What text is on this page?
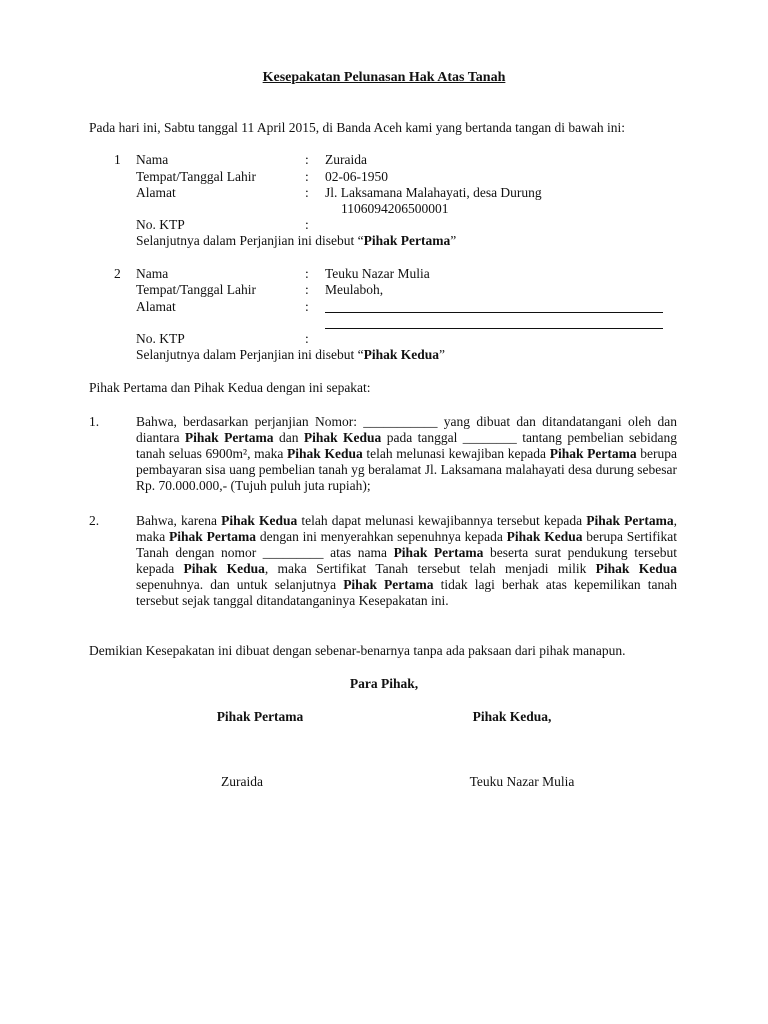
Kesepakatan Pelunasan Hak Atas Tanah
Pada hari ini, Sabtu tanggal 11 April 2015, di Banda Aceh kami yang bertanda tangan di bawah ini:
1 Nama	: Zuraida
Tempat/Tanggal Lahir	: 02-06-1950
Alamat	: Jl. Laksamana Malahayati, desa Durung
1106094206500001
No. KTP	:
Selanjutnya dalam Perjanjian ini disebut “Pihak Pertama”
2 Nama	: Teuku Nazar Mulia
Tempat/Tanggal Lahir	: Meulaboh,
Alamat	:
No. KTP	:
Selanjutnya dalam Perjanjian ini disebut “Pihak Kedua”
Pihak Pertama dan Pihak Kedua dengan ini sepakat:
1.	Bahwa, berdasarkan perjanjian Nomor: ___________ yang dibuat dan ditandatangani oleh dan diantara Pihak Pertama dan Pihak Kedua pada tanggal ________ tantang pembelian sebidang tanah seluas 6900m², maka Pihak Kedua telah melunasi kewajiban kepada Pihak Pertama berupa pembayaran sisa uang pembelian tanah yg beralamat Jl. Laksamana malahayati desa durung sebesar Rp. 70.000.000,- (Tujuh puluh juta rupiah);
2.	Bahwa, karena Pihak Kedua telah dapat melunasi kewajibannya tersebut kepada Pihak Pertama, maka Pihak Pertama dengan ini menyerahkan sepenuhnya kepada Pihak Kedua berupa Sertifikat Tanah dengan nomor _________ atas nama Pihak Pertama beserta surat pendukung tersebut kepada Pihak Kedua, maka Sertifikat Tanah tersebut telah menjadi milik Pihak Kedua sepenuhnya. dan untuk selanjutnya Pihak Pertama tidak lagi berhak atas kepemilikan tanah tersebut sejak tanggal ditandatanganinya Kesepakatan ini.
Demikian Kesepakatan ini dibuat dengan sebenar-benarnya tanpa ada paksaan dari pihak manapun.
Para Pihak,
Pihak Pertama	Pihak Kedua,
Zuraida	Teuku Nazar Mulia
